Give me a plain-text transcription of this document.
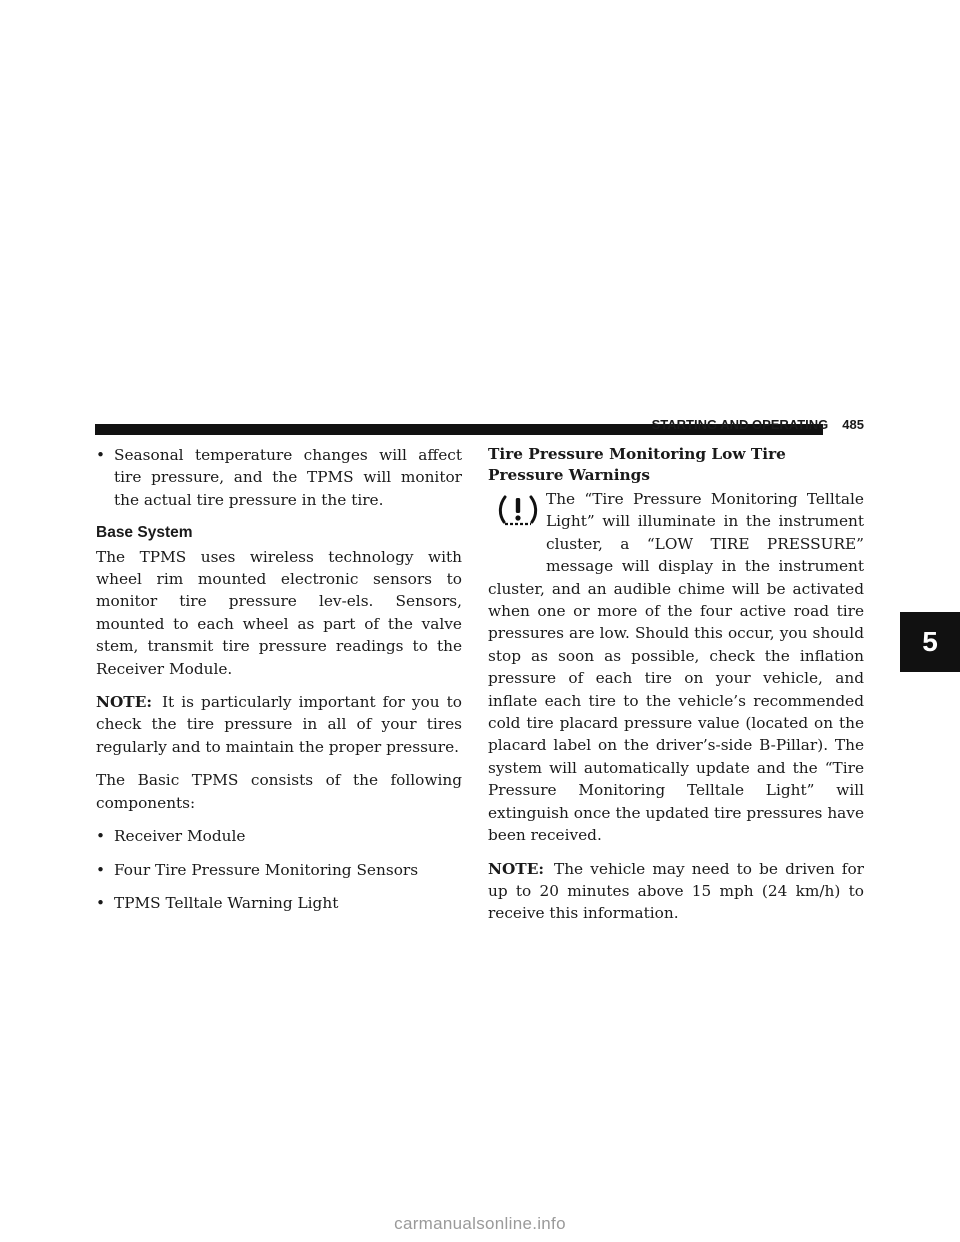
STARTING AND OPERATING 485
• Seasonal temperature changes will affect tire pressure, and the TPMS will monitor the actual tire pressure in the tire.
Base System

The TPMS uses wireless technology with wheel rim mounted electronic sensors to monitor tire pressure lev-els. Sensors, mounted to each wheel as part of the valve stem, transmit tire pressure readings to the Receiver Module.

NOTE: It is particularly important for you to check the tire pressure in all of your tires regularly and to maintain the proper pressure.

The Basic TPMS consists of the following components:

• Receiver Module
• Four Tire Pressure Monitoring Sensors
• TPMS Telltale Warning Light
Tire Pressure Monitoring Low Tire Pressure Warnings

The “Tire Pressure Monitoring Telltale Light” will illuminate in the instrument cluster, a “LOW TIRE PRESSURE” message will display in the instrument cluster, and an audible chime will be activated when one or more of the four active road tire pressures are low. Should this occur, you should stop as soon as possible, check the inflation pressure of each tire on your vehicle, and inflate each tire to the vehicle’s recommended cold tire placard pressure value (located on the placard label on the driver’s-side B-Pillar). The system will automatically update and the “Tire Pressure Monitoring Telltale Light” will extinguish once the updated tire pressures have been received.

NOTE: The vehicle may need to be driven for up to 20 minutes above 15 mph (24 km/h) to receive this information.

5
carmanualsonline.info
